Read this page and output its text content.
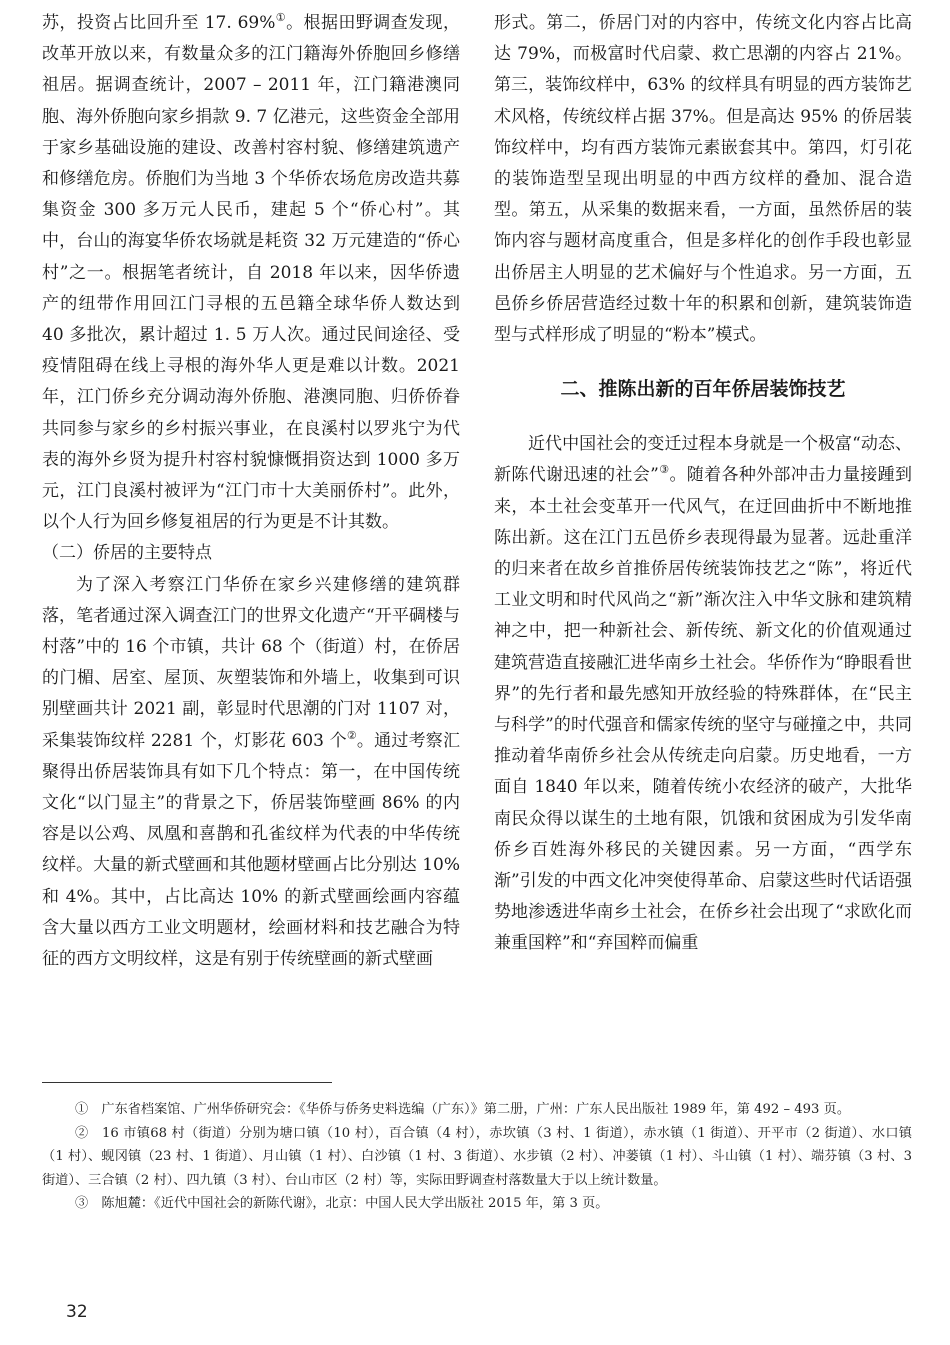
苏，投资占比回升至 17. 69%①。根据田野调查发现，改革开放以来，有数量众多的江门籍海外侨胞回乡修缮祖居。据调查统计，2007 – 2011 年，江门籍港澳同胞、海外侨胞向家乡捐款 9. 7 亿港元，这些资金全部用于家乡基础设施的建设、改善村容村貌、修缮建筑遗产和修缮危房。侨胞们为当地 3 个华侨农场危房改造共募集资金 300 多万元人民币，建起 5 个“侨心村”。其中，台山的海宴华侨农场就是耗资 32 万元建造的“侨心村”之一。根据笔者统计，自 2018 年以来，因华侨遗产的纽带作用回江门寻根的五邑籍全球华侨人数达到 40 多批次，累计超过 1. 5 万人次。通过民间途径、受疫情阻碍在线上寻根的海外华人更是难以计数。2021 年，江门侨乡充分调动海外侨胞、港澳同胞、归侨侨眷共同参与家乡的乡村振兴事业，在良溪村以罗兆宁为代表的海外乡贤为提升村容村貌慷慨捐资达到 1000 多万元，江门良溪村被评为“江门市十大美丽侨村”。此外，以个人行为回乡修复祖居的行为更是不计其数。

（二）侨居的主要特点

为了深入考察江门华侨在家乡兴建修缮的建筑群落，笔者通过深入调查江门的世界文化遗产“开平碉楼与村落”中的 16 个市镇，共计 68 个（街道）村，在侨居的门楣、居室、屋顶、灰塑装饰和外墙上，收集到可识别壁画共计 2021 副，彰显时代思潮的门对 1107 对，采集装饰纹样 2281 个，灯影花 603 个②。通过考察汇聚得出侨居装饰具有如下几个特点：第一，在中国传统文化“以门显主”的背景之下，侨居装饰壁画 86% 的内容是以公鸡、凤凰和喜鹊和孔雀纹样为代表的中华传统纹样。大量的新式壁画和其他题材壁画占比分别达 10% 和 4%。其中，占比高达 10% 的新式壁画绘画内容蕴含大量以西方工业文明题材，绘画材料和技艺融合为特征的西方文明纹样，这是有别于传统壁画的新式壁画

形式。第二，侨居门对的内容中，传统文化内容占比高达 79%，而极富时代启蒙、救亡思潮的内容占 21%。第三，装饰纹样中，63% 的纹样具有明显的西方装饰艺术风格，传统纹样占据 37%。但是高达 95% 的侨居装饰纹样中，均有西方装饰元素嵌套其中。第四，灯引花的装饰造型呈现出明显的中西方纹样的叠加、混合造型。第五，从采集的数据来看，一方面，虽然侨居的装饰内容与题材高度重合，但是多样化的创作手段也彰显出侨居主人明显的艺术偏好与个性追求。另一方面，五邑侨乡侨居营造经过数十年的积累和创新，建筑装饰造型与式样形成了明显的“粉本”模式。

二、推陈出新的百年侨居装饰技艺

近代中国社会的变迁过程本身就是一个极富“动态、新陈代谢迅速的社会”③。随着各种外部冲击力量接踵到来，本土社会变革开一代风气，在迂回曲折中不断地推陈出新。这在江门五邑侨乡表现得最为显著。远赴重洋的归来者在故乡首推侨居传统装饰技艺之“陈”，将近代工业文明和时代风尚之“新”渐次注入中华文脉和建筑精神之中，把一种新社会、新传统、新文化的价值观通过建筑营造直接融汇进华南乡土社会。华侨作为“睁眼看世界”的先行者和最先感知开放经验的特殊群体，在“民主与科学”的时代强音和儒家传统的坚守与碰撞之中，共同推动着华南侨乡社会从传统走向启蒙。历史地看，一方面自 1840 年以来，随着传统小农经济的破产，大批华南民众得以谋生的土地有限，饥饿和贫困成为引发华南侨乡百姓海外移民的关键因素。另一方面，“西学东渐”引发的中西文化冲突使得革命、启蒙这些时代话语强势地渗透进华南乡土社会，在侨乡社会出现了“求欧化而兼重国粹”和“弃国粹而偏重

①　广东省档案馆、广州华侨研究会：《华侨与侨务史料选编（广东）》第二册，广州：广东人民出版社 1989 年，第 492 – 493 页。

②　16 市镇68 村（街道）分别为塘口镇（10 村），百合镇（4 村），赤坎镇（3 村、1 街道），赤水镇（1 街道）、开平市（2 街道）、水口镇（1 村）、蚬冈镇（23 村、1 街道）、月山镇（1 村）、白沙镇（1 村、3 街道）、水步镇（2 村）、冲蒌镇（1 村）、斗山镇（1 村）、端芬镇（3 村、3 街道）、三合镇（2 村）、四九镇（3 村）、台山市区（2 村）等，实际田野调查村落数量大于以上统计数量。

③　陈旭麓：《近代中国社会的新陈代谢》，北京：中国人民大学出版社 2015 年，第 3 页。

32
